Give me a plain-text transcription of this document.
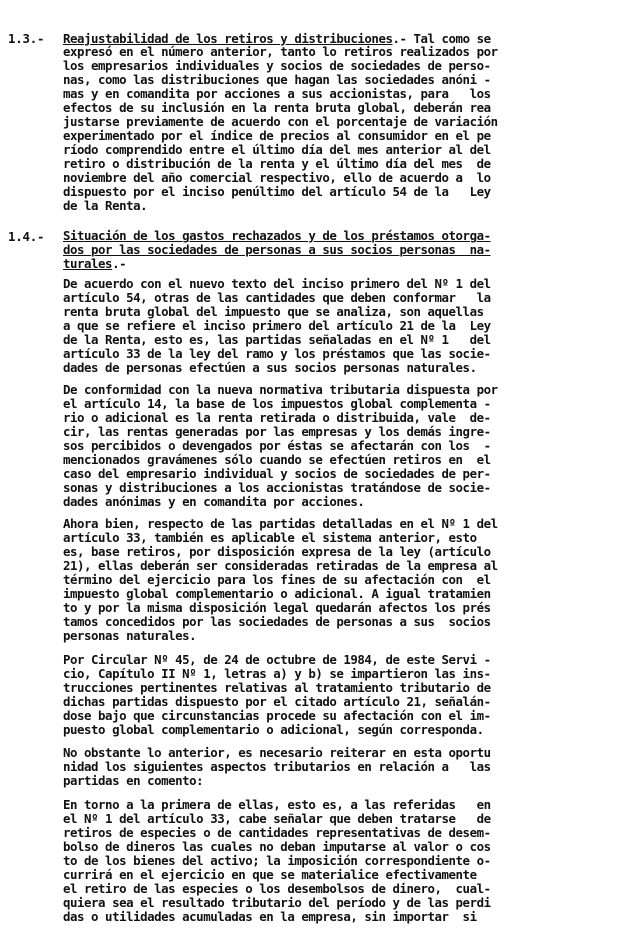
1.3.- Reajustabilidad de los retiros y distribuciones.- Tal como se
expresó en el número anterior, tanto lo retiros realizados por
los empresarios individuales y socios de sociedades de perso-
nas, como las distribuciones que hagan las sociedades anóni -
mas y en comandita por acciones a sus accionistas, para   los
efectos de su inclusión en la renta bruta global, deberán rea
justarse previamente de acuerdo con el porcentaje de variación
experimentado por el índice de precios al consumidor en el pe
ríodo comprendido entre el último día del mes anterior al del
retiro o distribución de la renta y el último día del mes  de
noviembre del año comercial respectivo, ello de acuerdo a  lo
dispuesto por el inciso penúltimo del artículo 54 de la   Ley
de la Renta.
1.4.- Situación de los gastos rechazados y de los préstamos otorga-
dos por las sociedades de personas a sus socios personas  na-
turales.-
De acuerdo con el nuevo texto del inciso primero del Nº 1 del
artículo 54, otras de las cantidades que deben conformar   la
renta bruta global del impuesto que se analiza, son aquellas
a que se refiere el inciso primero del artículo 21 de la  Ley
de la Renta, esto es, las partidas señaladas en el Nº 1   del
artículo 33 de la ley del ramo y los préstamos que las socie-
dades de personas efectúen a sus socios personas naturales.
De conformidad con la nueva normativa tributaria dispuesta por
el artículo 14, la base de los impuestos global complementa -
rio o adicional es la renta retirada o distribuida, vale  de-
cir, las rentas generadas por las empresas y los demás ingre-
sos percibidos o devengados por éstas se afectarán con los  -
mencionados gravámenes sólo cuando se efectúen retiros en  el
caso del empresario individual y socios de sociedades de per-
sonas y distribuciones a los accionistas tratándose de socie-
dades anónimas y en comandita por acciones.
Ahora bien, respecto de las partidas detalladas en el Nº 1 del
artículo 33, también es aplicable el sistema anterior, esto
es, base retiros, por disposición expresa de la ley (artículo
21), ellas deberán ser consideradas retiradas de la empresa al
término del ejercicio para los fines de su afectación con  el
impuesto global complementario o adicional. A igual tratamien
to y por la misma disposición legal quedarán afectos los prés
tamos concedidos por las sociedades de personas a sus  socios
personas naturales.
Por Circular Nº 45, de 24 de octubre de 1984, de este Servi -
cio, Capítulo II Nº 1, letras a) y b) se impartieron las ins-
trucciones pertinentes relativas al tratamiento tributario de
dichas partidas dispuesto por el citado artículo 21, señalán-
dose bajo que circunstancias procede su afectación con el im-
puesto global complementario o adicional, según corresponda.
No obstante lo anterior, es necesario reiterar en esta oportu
nidad los siguientes aspectos tributarios en relación a   las
partidas en comento:
En torno a la primera de ellas, esto es, a las referidas   en
el Nº 1 del artículo 33, cabe señalar que deben tratarse   de
retiros de especies o de cantidades representativas de desem-
bolso de dineros las cuales no deban imputarse al valor o cos
to de los bienes del activo; la imposición correspondiente o-
currirá en el ejercicio en que se materialice efectivamente
el retiro de las especies o los desembolsos de dinero,  cual-
quiera sea el resultado tributario del período y de las perdi
das o utilidades acumuladas en la empresa, sin importar  si
